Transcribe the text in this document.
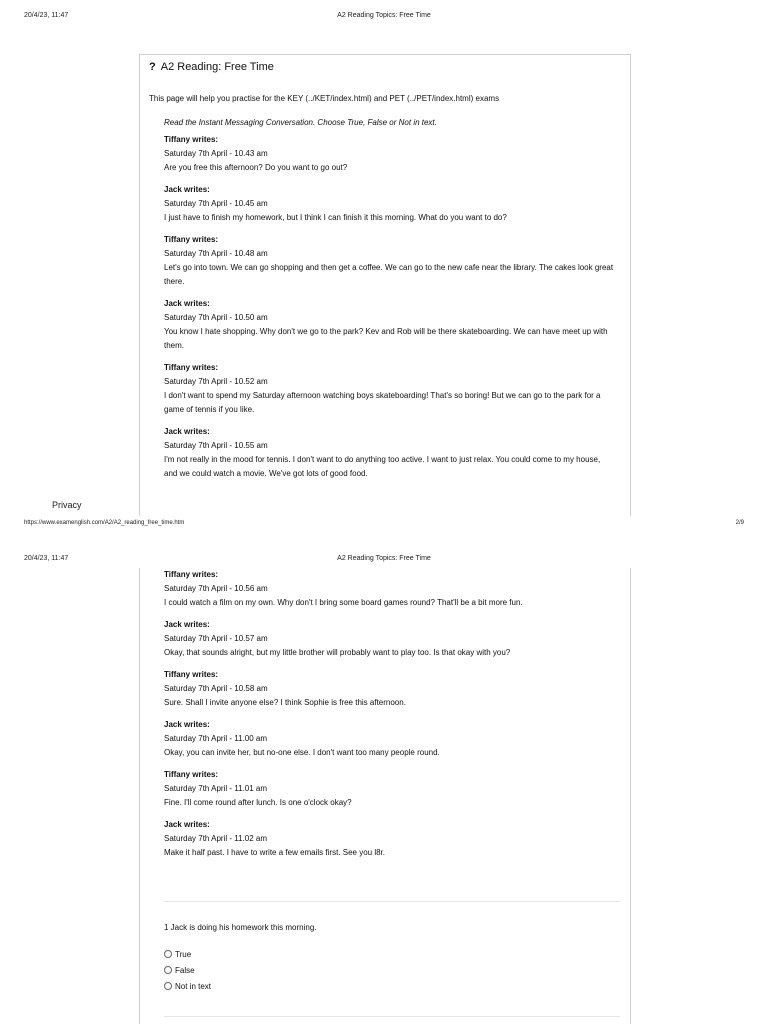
20/4/23, 11:47	A2 Reading Topics: Free Time
? A2 Reading: Free Time
This page will help you practise for the KEY (../KET/index.html) and PET (../PET/index.html) exams
Read the Instant Messaging Conversation. Choose True, False or Not in text.
Tiffany writes:
Saturday 7th April - 10.43 am
Are you free this afternoon? Do you want to go out?
Jack writes:
Saturday 7th April - 10.45 am
I just have to finish my homework, but I think I can finish it this morning. What do you want to do?
Tiffany writes:
Saturday 7th April - 10.48 am
Let's go into town. We can go shopping and then get a coffee. We can go to the new cafe near the library. The cakes look great there.
Jack writes:
Saturday 7th April - 10.50 am
You know I hate shopping. Why don't we go to the park? Kev and Rob will be there skateboarding. We can have meet up with them.
Tiffany writes:
Saturday 7th April - 10.52 am
I don't want to spend my Saturday afternoon watching boys skateboarding! That's so boring! But we can go to the park for a game of tennis if you like.
Jack writes:
Saturday 7th April - 10.55 am
I'm not really in the mood for tennis. I don't want to do anything too active. I want to just relax. You could come to my house, and we could watch a movie. We've got lots of good food.
Privacy
https://www.examenglish.com/A2/A2_reading_free_time.htm	2/9
20/4/23, 11:47	A2 Reading Topics: Free Time
Tiffany writes:
Saturday 7th April - 10.56 am
I could watch a film on my own. Why don't I bring some board games round? That'll be a bit more fun.
Jack writes:
Saturday 7th April - 10.57 am
Okay, that sounds alright, but my little brother will probably want to play too. Is that okay with you?
Tiffany writes:
Saturday 7th April - 10.58 am
Sure. Shall I invite anyone else? I think Sophie is free this afternoon.
Jack writes:
Saturday 7th April - 11.00 am
Okay, you can invite her, but no-one else. I don't want too many people round.
Tiffany writes:
Saturday 7th April - 11.01 am
Fine. I'll come round after lunch. Is one o'clock okay?
Jack writes:
Saturday 7th April - 11.02 am
Make it half past. I have to write a few emails first. See you l8r.
1 Jack is doing his homework this morning.
True
False
Not in text
